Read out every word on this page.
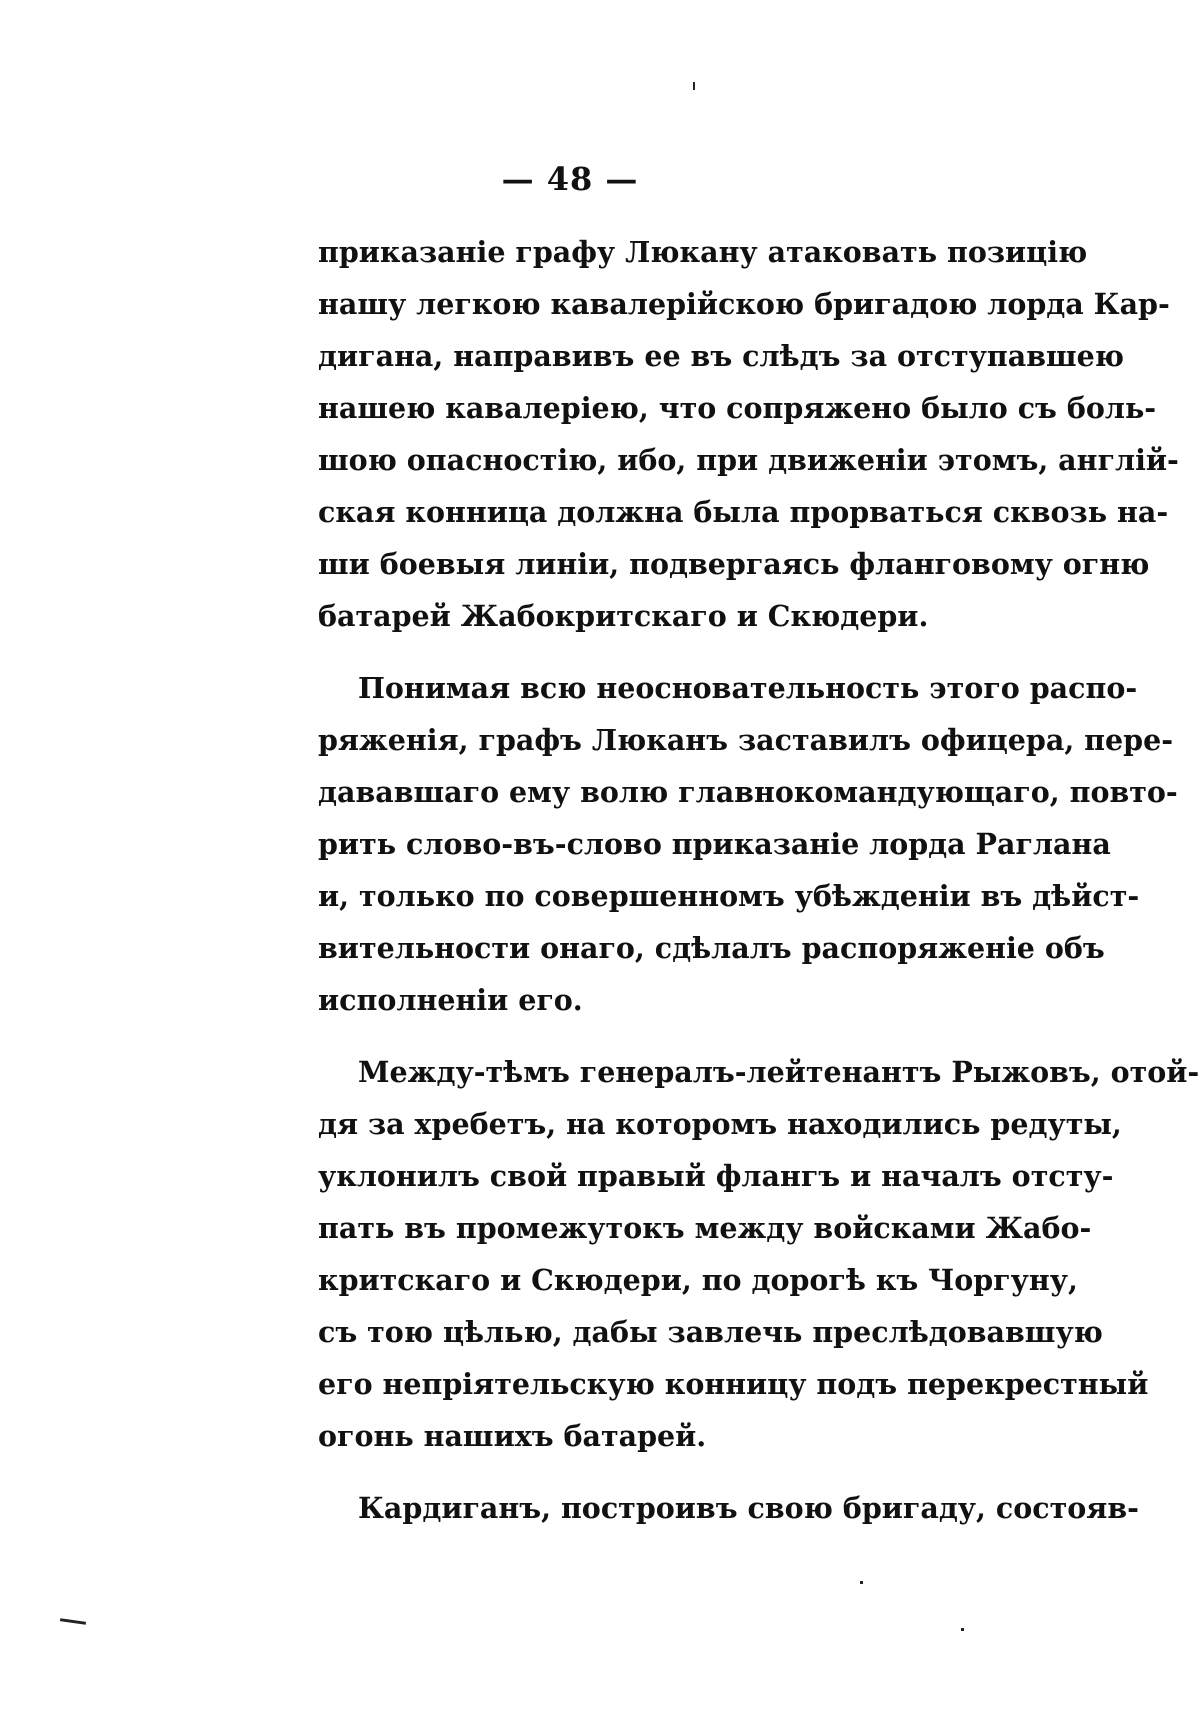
— 48 —
приказаніе графу Люкану атаковать позицію
нашу легкою кавалерійскою бригадою лорда Кар-
дигана, направивъ ее въ слѣдъ за отступавшею
нашею кавалеріею, что сопряжено было съ боль-
шою опасностію, ибо, при движеніи этомъ, англій-
ская конница должна была прорваться сквозь на-
ши боевыя линіи, подвергаясь фланговому огню
батарей Жабокритскаго и Скюдери.
Понимая всю неосновательность этого распо-
ряженія, графъ Люканъ заставилъ офицера, пере-
дававшаго ему волю главнокомандующаго, повто-
рить слово-въ-слово приказаніе лорда Раглана
и, только по совершенномъ убѣжденіи въ дѣйст-
вительности онаго, сдѣлалъ распоряженіе объ
исполненіи его.
Между-тѣмъ генералъ-лейтенантъ Рыжовъ, отой-
дя за хребетъ, на которомъ находились редуты,
уклонилъ свой правый флангъ и началъ отсту-
пать въ промежутокъ между войсками Жабо-
критскаго и Скюдери, по дорогѣ къ Чоргуну,
съ тою цѣлью, дабы завлечь преслѣдовавшую
его непріятельскую конницу подъ перекрестный
огонь нашихъ батарей.
Кардиганъ, построивъ свою бригаду, состояв-
